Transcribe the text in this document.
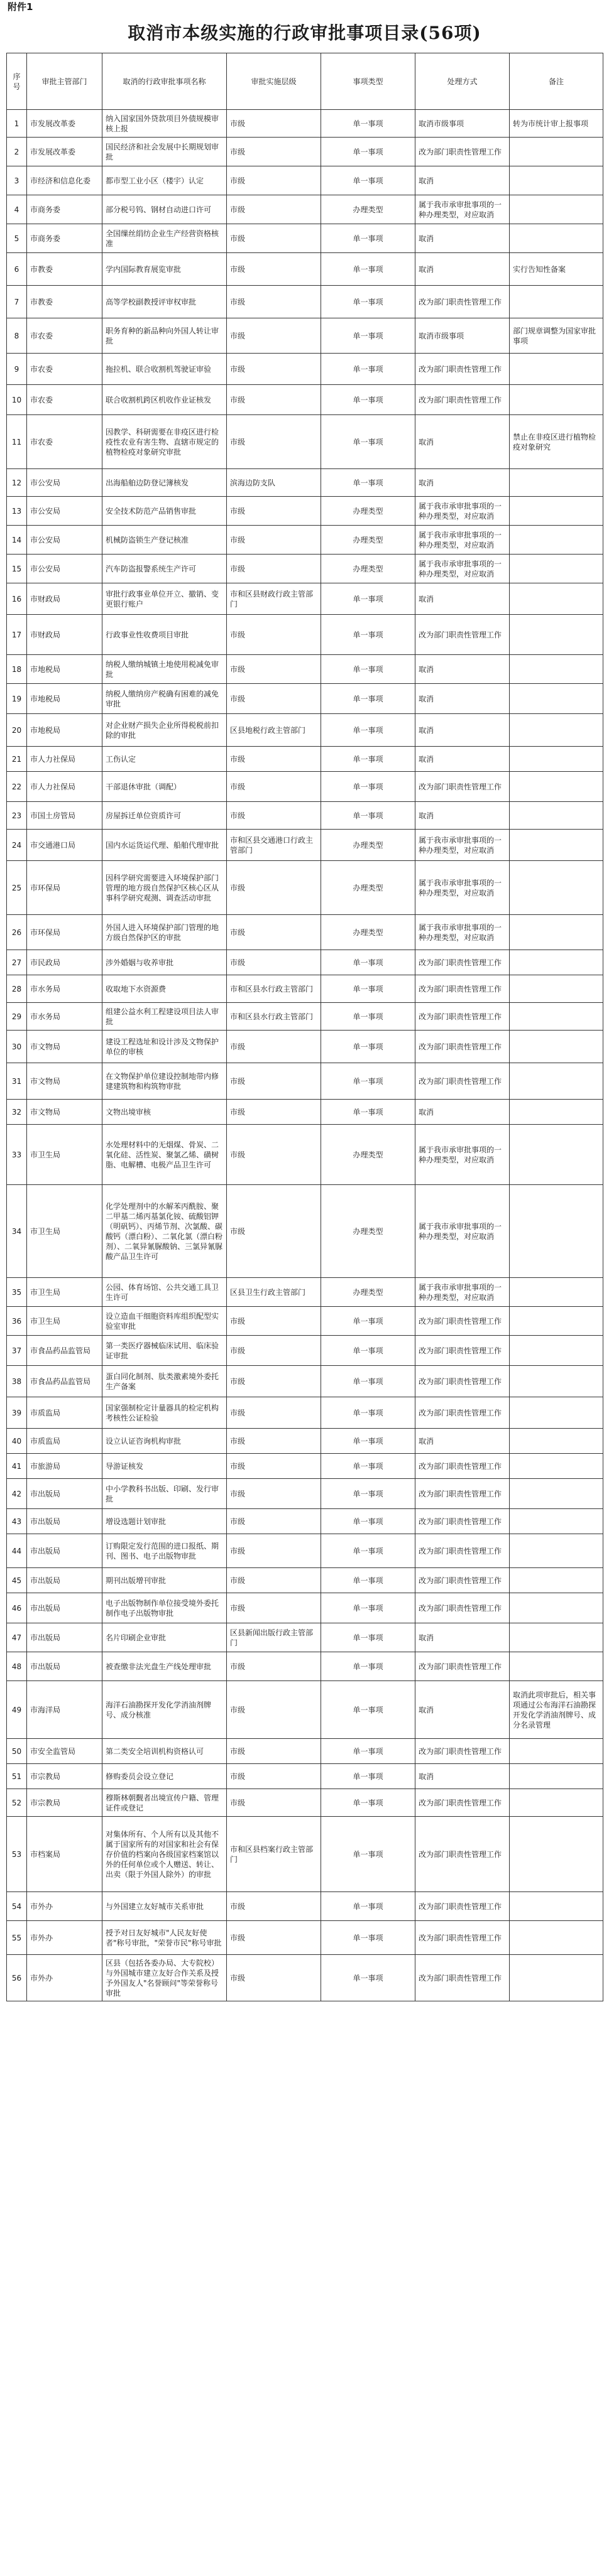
附件1
取消市本级实施的行政审批事项目录(56项)
序号	审批主管部门	取消的行政审批事项名称	审批实施层级	事项类型	处理方式	备注
1	市发展改革委	纳入国家国外贷款项目外债规模审核上报	市级	单一事项	取消市级事项	转为市统计审上报事项
2	市发展改革委	国民经济和社会发展中长期规划审批	市级	单一事项	改为部门职责性管理工作	
3	市经济和信息化委	都市型工业小区（楼宇）认定	市级	单一事项	取消	
4	市商务委	部分税号钨、钢材自动进口许可	市级	办理类型	属于我市承审批事项的一种办理类型，对应取消	
5	市商务委	全国缫丝绢纺企业生产经营资格核准	市级	单一事项	取消	
6	市教委	学内国际教育展览审批	市级	单一事项	取消	实行告知性备案
7	市教委	高等学校副教授评审权审批	市级	单一事项	改为部门职责性管理工作	
8	市农委	职务育种的新品种向外国人转让审批	市级	单一事项	取消市级事项	部门规章调整为国家审批事项
9	市农委	拖拉机、联合收割机驾驶证审验	市级	单一事项	改为部门职责性管理工作	
10	市农委	联合收割机跨区机收作业证核发	市级	单一事项	改为部门职责性管理工作	
11	市农委	因教学、科研需要在非疫区进行检疫性农业有害生物、直辖市规定的植物检疫对象研究审批	市级	单一事项	取消	禁止在非疫区进行植物检疫对象研究
12	市公安局	出海船舶边防登记簿核发	滨海边防支队	单一事项	取消	
13	市公安局	安全技术防范产品销售审批	市级	办理类型	属于我市承审批事项的一种办理类型，对应取消	
14	市公安局	机械防盗锁生产登记核准	市级	办理类型	属于我市承审批事项的一种办理类型，对应取消	
15	市公安局	汽车防盗报警系统生产许可	市级	办理类型	属于我市承审批事项的一种办理类型，对应取消	
16	市财政局	审批行政事业单位开立、撤销、变更银行账户	市和区县财政行政主管部门	单一事项	取消	
17	市财政局	行政事业性收费项目审批	市级	单一事项	改为部门职责性管理工作	
18	市地税局	纳税人缴纳城镇土地使用税减免审批	市级	单一事项	取消	
19	市地税局	纳税人缴纳房产税确有困难的减免审批	市级	单一事项	取消	
20	市地税局	对企业财产损失企业所得税税前扣除的审批	区县地税行政主管部门	单一事项	取消	
21	市人力社保局	工伤认定	市级	单一事项	取消	
22	市人力社保局	干部退休审批（调配）	市级	单一事项	改为部门职责性管理工作	
23	市国土房管局	房屋拆迁单位资质许可	市级	单一事项	取消	
24	市交通港口局	国内水运货运代理、船舶代理审批	市和区县交通港口行政主管部门	办理类型	属于我市承审批事项的一种办理类型，对应取消	
25	市环保局	因科学研究需要进入环境保护部门管理的地方级自然保护区核心区从事科学研究观测、调查活动审批	市级	办理类型	属于我市承审批事项的一种办理类型，对应取消	
26	市环保局	外国人进入环境保护部门管理的地方级自然保护区的审批	市级	办理类型	属于我市承审批事项的一种办理类型，对应取消	
27	市民政局	涉外婚姻与收养审批	市级	单一事项	改为部门职责性管理工作	
28	市水务局	收取地下水资源费	市和区县水行政主管部门	单一事项	改为部门职责性管理工作	
29	市水务局	组建公益水利工程建设项目法人审批	市和区县水行政主管部门	单一事项	改为部门职责性管理工作	
30	市文物局	建设工程选址和设计涉及文物保护单位的审核	市级	单一事项	改为部门职责性管理工作	
31	市文物局	在文物保护单位建设控制地带内修建建筑物和构筑物审批	市级	单一事项	改为部门职责性管理工作	
32	市文物局	文物出境审核	市级	单一事项	取消	
33	市卫生局	水处理材料中的无烟煤、骨炭、二氧化硅、活性炭、聚氯乙烯、磺树脂、电解槽、电极产品卫生许可	市级	办理类型	属于我市承审批事项的一种办理类型，对应取消	
34	市卫生局	化学处理剂中的水解苯丙酰胺、聚二甲基二烯丙基氯化铵、硫酸铝钾（明矾钙）、丙烯节剂、次氯酸、碳酸钙（漂白粉）、二氧化氯（漂白粉剂）、二氧异氰脲酸钠、三氯异氰脲酸产品卫生许可	市级	办理类型	属于我市承审批事项的一种办理类型，对应取消	
35	市卫生局	公园、体育场馆、公共交通工具卫生许可	区县卫生行政主管部门	办理类型	属于我市承审批事项的一种办理类型，对应取消	
36	市卫生局	设立造血干细胞资料库组织配型实验室审批	市级	单一事项	改为部门职责性管理工作	
37	市食品药品监管局	第一类医疗器械临床试用、临床验证审批	市级	单一事项	改为部门职责性管理工作	
38	市食品药品监管局	蛋白同化制剂、肽类激素境外委托生产备案	市级	单一事项	改为部门职责性管理工作	
39	市质监局	国家强制检定计量器具的检定机构考核性公证检验	市级	单一事项	改为部门职责性管理工作	
40	市质监局	设立认证咨询机构审批	市级	单一事项	取消	
41	市旅游局	导游证核发	市级	单一事项	改为部门职责性管理工作	
42	市出版局	中小学教科书出版、印刷、发行审批	市级	单一事项	改为部门职责性管理工作	
43	市出版局	增设选题计划审批	市级	单一事项	改为部门职责性管理工作	
44	市出版局	订购限定发行范围的进口报纸、期刊、图书、电子出版物审批	市级	单一事项	改为部门职责性管理工作	
45	市出版局	期刊出版增刊审批	市级	单一事项	改为部门职责性管理工作	
46	市出版局	电子出版物制作单位接受境外委托制作电子出版物审批	市级	单一事项	改为部门职责性管理工作	
47	市出版局	名片印刷企业审批	区县新闻出版行政主管部门	单一事项	取消	
48	市出版局	被查缴非法光盘生产线处理审批	市级	单一事项	改为部门职责性管理工作	
49	市海洋局	海洋石油勘探开发化学消油剂牌号、成分核准	市级	单一事项	取消	取消此项审批后，相关事项通过公布海洋石油勘探开发化学消油剂牌号、成分名录管理
50	市安全监管局	第二类安全培训机构资格认可	市级	单一事项	改为部门职责性管理工作	
51	市宗教局	修购委员会设立登记	市级	单一事项	取消	
52	市宗教局	穆斯林朝觐者出境宣传户籍、管理证件或登记	市级	单一事项	改为部门职责性管理工作	
53	市档案局	对集体所有、个人所有以及其他不属于国家所有的对国家和社会有保存价值的档案向各级国家档案馆以外的任何单位或个人赠送、转让、出卖（限于外国人除外）的审批	市和区县档案行政主管部门	单一事项	改为部门职责性管理工作	
54	市外办	与外国建立友好城市关系审批	市级	单一事项	改为部门职责性管理工作	
55	市外办	授予对日友好城市"人民友好使者"称号审批，"荣誉市民"称号审批	市级	单一事项	改为部门职责性管理工作	
56	市外办	区县（包括各委办局、大专院校）与外国城市建立友好合作关系及授予外国友人"名誉顾问"等荣誉称号审批	市级	单一事项	改为部门职责性管理工作	
